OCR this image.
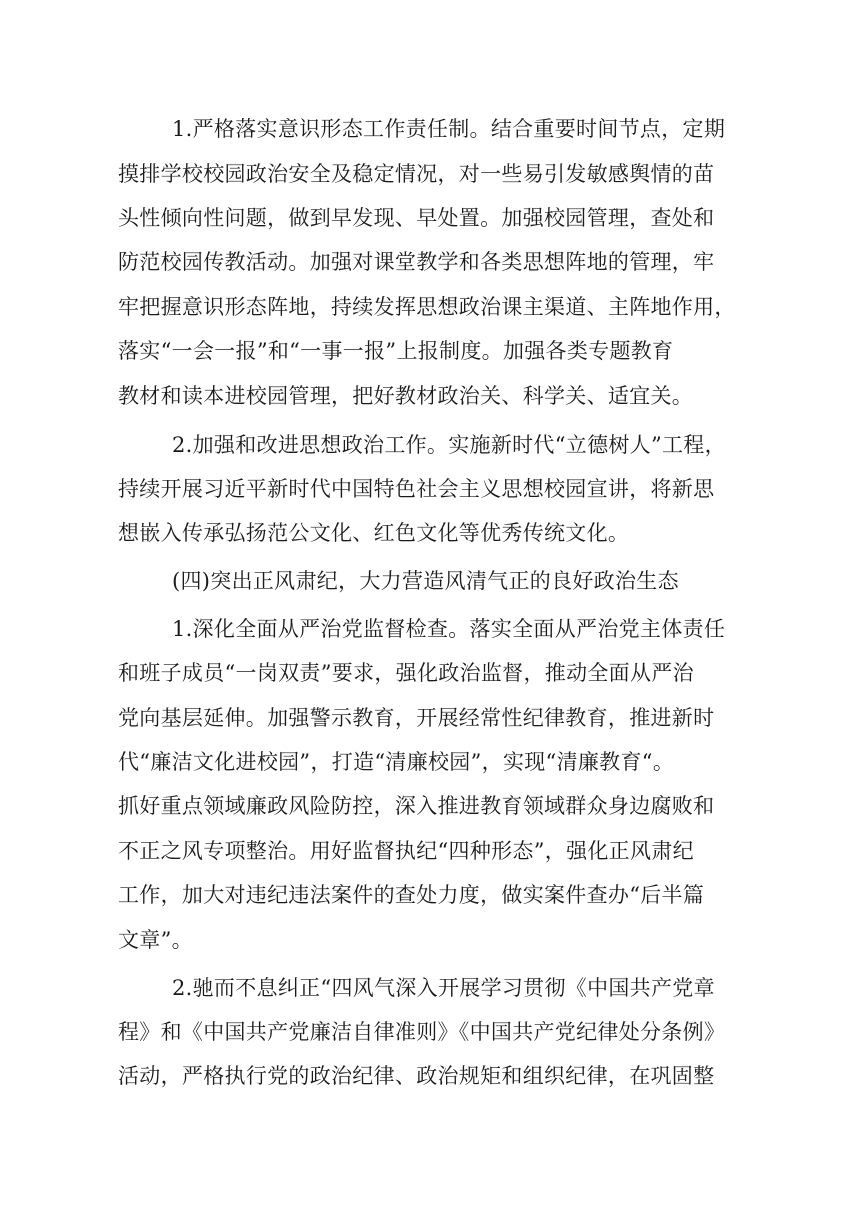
1.严格落实意识形态工作责任制。结合重要时间节点，定期
摸排学校校园政治安全及稳定情况，对一些易引发敏感舆情的苗
头性倾向性问题，做到早发现、早处置。加强校园管理，查处和
防范校园传教活动。加强对课堂教学和各类思想阵地的管理，牢
牢把握意识形态阵地，持续发挥思想政治课主渠道、主阵地作用，
落实“一会一报”和“一事一报”上报制度。加强各类专题教育
教材和读本进校园管理，把好教材政治关、科学关、适宜关。
2.加强和改进思想政治工作。实施新时代“立德树人”工程，
持续开展习近平新时代中国特色社会主义思想校园宣讲，将新思
想嵌入传承弘扬范公文化、红色文化等优秀传统文化。
(四)突出正风肃纪，大力营造风清气正的良好政治生态
1.深化全面从严治党监督检查。落实全面从严治党主体责任
和班子成员“一岗双责”要求，强化政治监督，推动全面从严治
党向基层延伸。加强警示教育，开展经常性纪律教育，推进新时
代“廉洁文化进校园”，打造“清廉校园”，实现“清廉教育“。
抓好重点领域廉政风险防控，深入推进教育领域群众身边腐败和
不正之风专项整治。用好监督执纪“四种形态”，强化正风肃纪
工作，加大对违纪违法案件的查处力度，做实案件查办“后半篇
文章”。
2.驰而不息纠正“四风气深入开展学习贯彻《中国共产党章
程》和《中国共产党廉洁自律准则》《中国共产党纪律处分条例》
活动，严格执行党的政治纪律、政治规矩和组织纪律，在巩固整
